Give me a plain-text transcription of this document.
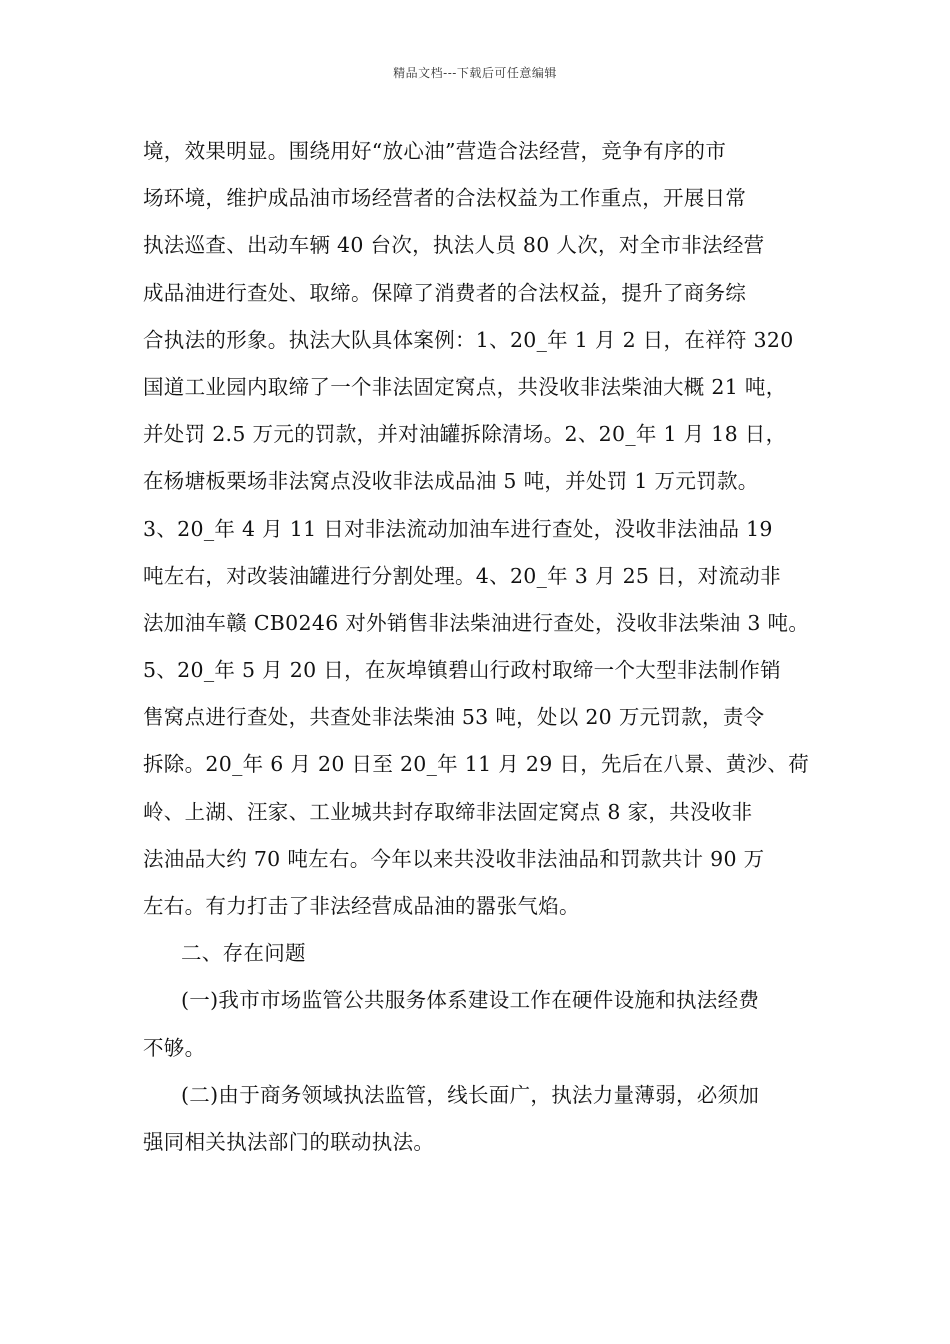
精品文档---下载后可任意编辑
境，效果明显。围绕用好“放心油”营造合法经营，竞争有序的市
场环境，维护成品油市场经营者的合法权益为工作重点，开展日常
执法巡查、出动车辆 40 台次，执法人员 80 人次，对全市非法经营
成品油进行查处、取缔。保障了消费者的合法权益，提升了商务综
合执法的形象。执法大队具体案例：1、20_年 1 月 2 日，在祥符 320
国道工业园内取缔了一个非法固定窝点，共没收非法柴油大概 21 吨，
并处罚 2.5 万元的罚款，并对油罐拆除清场。2、20_年 1 月 18 日，
在杨塘板栗场非法窝点没收非法成品油 5 吨，并处罚 1 万元罚款。
3、20_年 4 月 11 日对非法流动加油车进行查处，没收非法油品 19
吨左右，对改装油罐进行分割处理。4、20_年 3 月 25 日，对流动非
法加油车赣 CB0246 对外销售非法柴油进行查处，没收非法柴油 3 吨。
5、20_年 5 月 20 日，在灰埠镇碧山行政村取缔一个大型非法制作销
售窝点进行查处，共查处非法柴油 53 吨，处以 20 万元罚款，责令
拆除。20_年 6 月 20 日至 20_年 11 月 29 日，先后在八景、黄沙、荷
岭、上湖、汪家、工业城共封存取缔非法固定窝点 8 家，共没收非
法油品大约 70 吨左右。今年以来共没收非法油品和罚款共计 90 万
左右。有力打击了非法经营成品油的嚣张气焰。
二、存在问题
(一)我市市场监管公共服务体系建设工作在硬件设施和执法经费
不够。
(二)由于商务领域执法监管，线长面广，执法力量薄弱，必须加
强同相关执法部门的联动执法。
